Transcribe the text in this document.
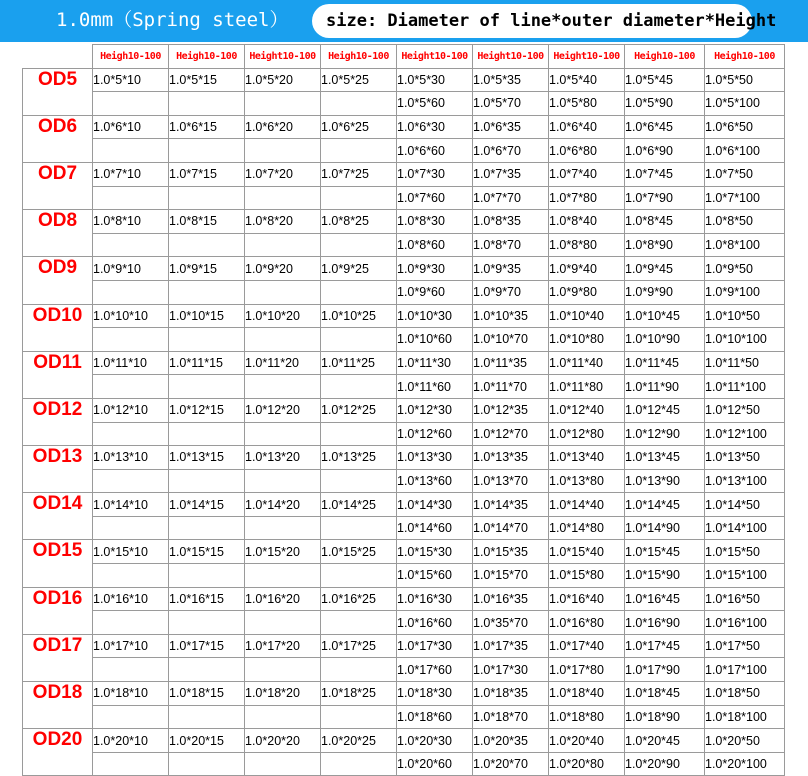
1.0mm（Spring steel） size: Diameter of line*outer diameter*Height
	Heigh10-100	Heigh10-100	Height10-100	Heigh10-100	Height10-100	Height10-100	Height10-100	Heigh10-100	Heigh10-100
OD5	1.0*5*10	1.0*5*15	1.0*5*20	1.0*5*25	1.0*5*30	1.0*5*35	1.0*5*40	1.0*5*45	1.0*5*50
					1.0*5*60	1.0*5*70	1.0*5*80	1.0*5*90	1.0*5*100
OD6	1.0*6*10	1.0*6*15	1.0*6*20	1.0*6*25	1.0*6*30	1.0*6*35	1.0*6*40	1.0*6*45	1.0*6*50
					1.0*6*60	1.0*6*70	1.0*6*80	1.0*6*90	1.0*6*100
OD7	1.0*7*10	1.0*7*15	1.0*7*20	1.0*7*25	1.0*7*30	1.0*7*35	1.0*7*40	1.0*7*45	1.0*7*50
					1.0*7*60	1.0*7*70	1.0*7*80	1.0*7*90	1.0*7*100
OD8	1.0*8*10	1.0*8*15	1.0*8*20	1.0*8*25	1.0*8*30	1.0*8*35	1.0*8*40	1.0*8*45	1.0*8*50
					1.0*8*60	1.0*8*70	1.0*8*80	1.0*8*90	1.0*8*100
OD9	1.0*9*10	1.0*9*15	1.0*9*20	1.0*9*25	1.0*9*30	1.0*9*35	1.0*9*40	1.0*9*45	1.0*9*50
					1.0*9*60	1.0*9*70	1.0*9*80	1.0*9*90	1.0*9*100
OD10	1.0*10*10	1.0*10*15	1.0*10*20	1.0*10*25	1.0*10*30	1.0*10*35	1.0*10*40	1.0*10*45	1.0*10*50
					1.0*10*60	1.0*10*70	1.0*10*80	1.0*10*90	1.0*10*100
OD11	1.0*11*10	1.0*11*15	1.0*11*20	1.0*11*25	1.0*11*30	1.0*11*35	1.0*11*40	1.0*11*45	1.0*11*50
					1.0*11*60	1.0*11*70	1.0*11*80	1.0*11*90	1.0*11*100
OD12	1.0*12*10	1.0*12*15	1.0*12*20	1.0*12*25	1.0*12*30	1.0*12*35	1.0*12*40	1.0*12*45	1.0*12*50
					1.0*12*60	1.0*12*70	1.0*12*80	1.0*12*90	1.0*12*100
OD13	1.0*13*10	1.0*13*15	1.0*13*20	1.0*13*25	1.0*13*30	1.0*13*35	1.0*13*40	1.0*13*45	1.0*13*50
					1.0*13*60	1.0*13*70	1.0*13*80	1.0*13*90	1.0*13*100
OD14	1.0*14*10	1.0*14*15	1.0*14*20	1.0*14*25	1.0*14*30	1.0*14*35	1.0*14*40	1.0*14*45	1.0*14*50
					1.0*14*60	1.0*14*70	1.0*14*80	1.0*14*90	1.0*14*100
OD15	1.0*15*10	1.0*15*15	1.0*15*20	1.0*15*25	1.0*15*30	1.0*15*35	1.0*15*40	1.0*15*45	1.0*15*50
					1.0*15*60	1.0*15*70	1.0*15*80	1.0*15*90	1.0*15*100
OD16	1.0*16*10	1.0*16*15	1.0*16*20	1.0*16*25	1.0*16*30	1.0*16*35	1.0*16*40	1.0*16*45	1.0*16*50
					1.0*16*60	1.0*35*70	1.0*16*80	1.0*16*90	1.0*16*100
OD17	1.0*17*10	1.0*17*15	1.0*17*20	1.0*17*25	1.0*17*30	1.0*17*35	1.0*17*40	1.0*17*45	1.0*17*50
					1.0*17*60	1.0*17*30	1.0*17*80	1.0*17*90	1.0*17*100
OD18	1.0*18*10	1.0*18*15	1.0*18*20	1.0*18*25	1.0*18*30	1.0*18*35	1.0*18*40	1.0*18*45	1.0*18*50
					1.0*18*60	1.0*18*70	1.0*18*80	1.0*18*90	1.0*18*100
OD20	1.0*20*10	1.0*20*15	1.0*20*20	1.0*20*25	1.0*20*30	1.0*20*35	1.0*20*40	1.0*20*45	1.0*20*50
					1.0*20*60	1.0*20*70	1.0*20*80	1.0*20*90	1.0*20*100
